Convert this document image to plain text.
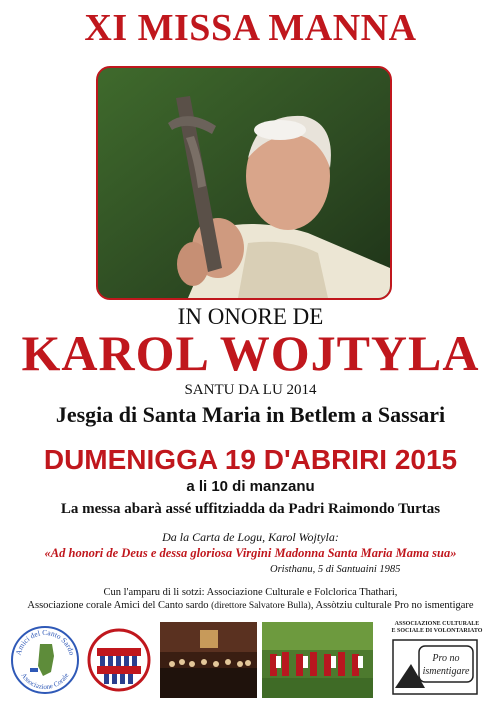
XI MISSA MANNA
IN ONORE DE
KAROL WOJTYLA
SANTU DA LU 2014
Jesgia di Santa Maria in Betlem a Sassari
DUMENIGGA 19 D'ABRIRI 2015
a li 10 di manzanu
La messa abarà assé uffitziadda da Padri Raimondo Turtas
Da la Carta de Logu, Karol Wojtyla:
«Ad honori de Deus e dessa gloriosa Virgini Madonna Santa Maria Mama sua»
Oristhanu, 5 di Santuaini 1985
Cun l'amparu di li sotzi: Associazione Culturale e Folclorica Thathari,
Associazione corale Amici del Canto sardo (direttore Salvatore Bulla), Assòtziu culturale Pro no ismentigare
Amici del Canto Sardo
Associazione Corale
ASSOCIAZIONE CULTURALE
E SOCIALE DI VOLONTARIATO
Pro no
ismentigare
